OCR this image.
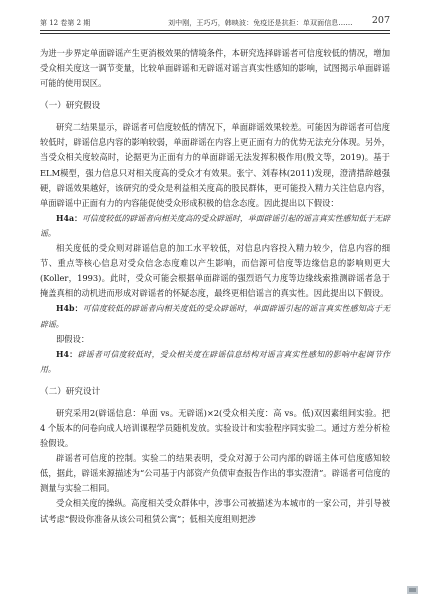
第 12 卷第 2 期	刘中刚，王巧巧，韩映波：免疫还是抗拒：单双面信息…… 207

为进一步界定单面辟谣产生更消极效果的情境条件，本研究选择辟谣者可信度较低的情况，增加受众相关度这一调节变量，比较单面辟谣和无辟谣对谣言真实性感知的影响，试图揭示单面辟谣可能的使用误区。

（一）研究假设

研究二结果显示，辟谣者可信度较低的情况下，单面辟谣效果较差。可能因为辟谣者可信度较低时，辟谣信息内容的影响较弱，单面辟谣在内容上更正面有力的优势无法充分体现。另外，当受众相关度较高时，论据更为正面有力的单面辟谣无法发挥积极作用(殷文等，2019)。基于ELM模型，强力信息只对相关度高的受众才有效果。张宁、刘春林(2011)发现，澄清措辞越强硬，辟谣效果越好，该研究的受众是利益相关度高的股民群体，更可能投入精力关注信息内容，单面辟谣中正面有力的内容能促使受众形成积极的信念态度。因此提出以下假设：

H4a：可信度较低的辟谣者向相关度高的受众辟谣时，单面辟谣引起的谣言真实性感知低于无辟谣。

相关度低的受众则对辟谣信息的加工水平较低，对信息内容投入精力较少，信息内容的细节、重点等核心信息对受众信念态度难以产生影响，而信源可信度等边缘信息的影响则更大(Koller，1993)。此时，受众可能会根据单面辟谣的强烈语气力度等边缘线索推测辟谣者急于掩盖真相的动机进而形成对辟谣者的怀疑态度，最终更相信谣言的真实性。因此提出以下假设。

H4b：可信度较低的辟谣者向相关度低的受众辟谣时，单面辟谣引起的谣言真实性感知高于无辟谣。

即假设：

H4：辟谣者可信度较低时，受众相关度在辟谣信息结构对谣言真实性感知的影响中起调节作用。

（二）研究设计

研究采用2(辟谣信息：单面 vs。无辟谣)×2(受众相关度：高 vs。低)双因素组间实验。把 4 个版本的问卷向成人培训课程学员随机发放。实验设计和实验程序同实验二。通过方差分析检验假设。

辟谣者可信度的控制。实验二的结果表明，受众对源于公司内部的辟谣主体可信度感知较低，据此，辟谣来源描述为“公司基于内部资产负债审查报告作出的事实澄清”。辟谣者可信度的测量与实验二相同。

受众相关度的操纵。高度相关受众群体中，涉事公司被描述为本城市的一家公司，并引导被试考虑“假设你准备从该公司租赁公寓”；低相关度组则把涉
